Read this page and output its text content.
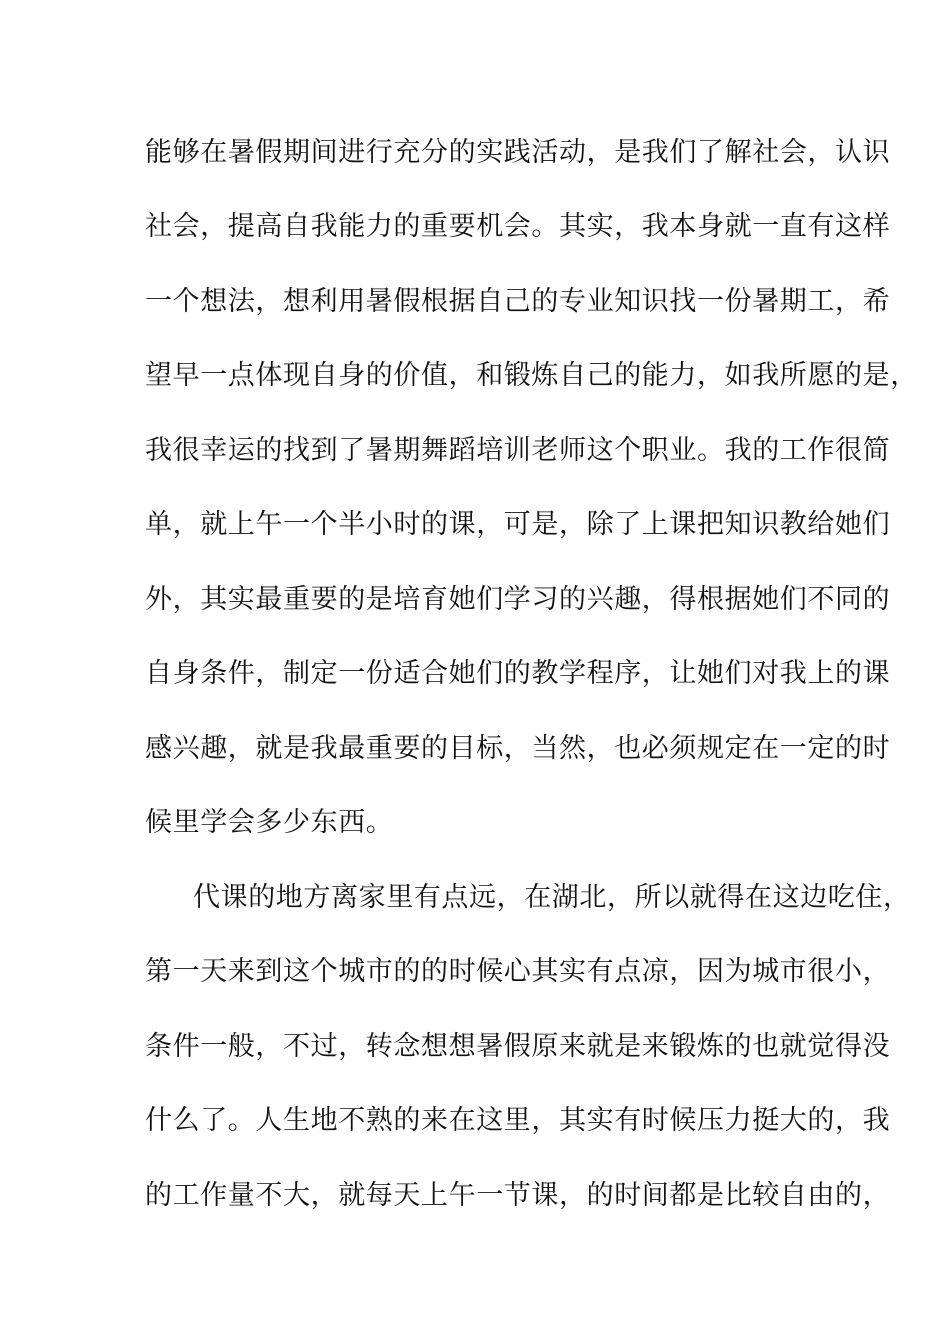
能够在暑假期间进行充分的实践活动，是我们了解社会，认识
社会，提高自我能力的重要机会。其实，我本身就一直有这样
一个想法，想利用暑假根据自己的专业知识找一份暑期工，希
望早一点体现自身的价值，和锻炼自己的能力，如我所愿的是，
我很幸运的找到了暑期舞蹈培训老师这个职业。我的工作很简
单，就上午一个半小时的课，可是，除了上课把知识教给她们
外，其实最重要的是培育她们学习的兴趣，得根据她们不同的
自身条件，制定一份适合她们的教学程序，让她们对我上的课
感兴趣，就是我最重要的目标，当然，也必须规定在一定的时
候里学会多少东西。
代课的地方离家里有点远，在湖北，所以就得在这边吃住，
第一天来到这个城市的的时候心其实有点凉，因为城市很小，
条件一般，不过，转念想想暑假原来就是来锻炼的也就觉得没
什么了。人生地不熟的来在这里，其实有时候压力挺大的，我
的工作量不大，就每天上午一节课，的时间都是比较自由的，
